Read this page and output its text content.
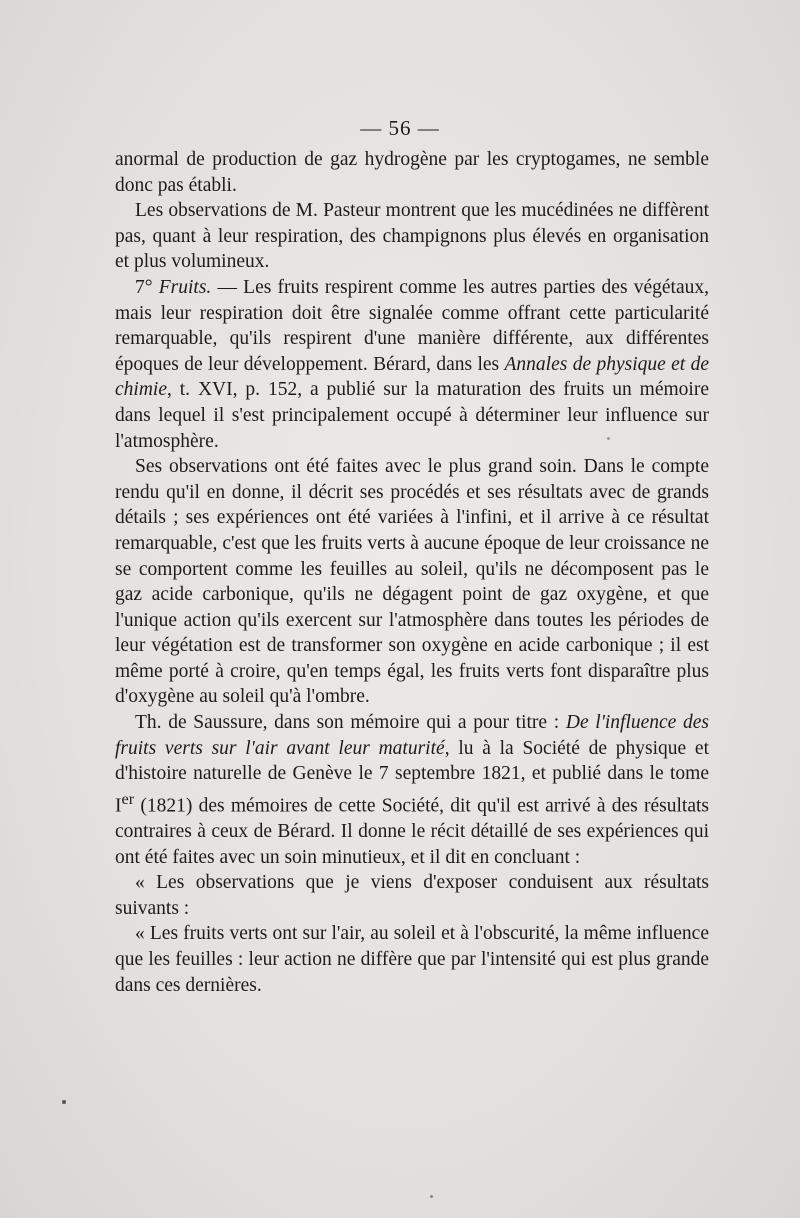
— 56 —

anormal de production de gaz hydrogène par les cryptogames, ne semble donc pas établi.

Les observations de M. Pasteur montrent que les mucédinées ne diffèrent pas, quant à leur respiration, des champignons plus élevés en organisation et plus volumineux.

7° Fruits. — Les fruits respirent comme les autres parties des végétaux, mais leur respiration doit être signalée comme offrant cette particularité remarquable, qu'ils respirent d'une manière différente, aux différentes époques de leur développement. Bérard, dans les Annales de physique et de chimie, t. XVI, p. 152, a publié sur la maturation des fruits un mémoire dans lequel il s'est principalement occupé à déterminer leur influence sur l'atmosphère.

Ses observations ont été faites avec le plus grand soin. Dans le compte rendu qu'il en donne, il décrit ses procédés et ses résultats avec de grands détails ; ses expériences ont été variées à l'infini, et il arrive à ce résultat remarquable, c'est que les fruits verts à aucune époque de leur croissance ne se comportent comme les feuilles au soleil, qu'ils ne décomposent pas le gaz acide carbonique, qu'ils ne dégagent point de gaz oxygène, et que l'unique action qu'ils exercent sur l'atmosphère dans toutes les périodes de leur végétation est de transformer son oxygène en acide carbonique ; il est même porté à croire, qu'en temps égal, les fruits verts font disparaître plus d'oxygène au soleil qu'à l'ombre.

Th. de Saussure, dans son mémoire qui a pour titre : De l'influence des fruits verts sur l'air avant leur maturité, lu à la Société de physique et d'histoire naturelle de Genève le 7 septembre 1821, et publié dans le tome Ier (1821) des mémoires de cette Société, dit qu'il est arrivé à des résultats contraires à ceux de Bérard. Il donne le récit détaillé de ses expériences qui ont été faites avec un soin minutieux, et il dit en concluant :

« Les observations que je viens d'exposer conduisent aux résultats suivants :

« Les fruits verts ont sur l'air, au soleil et à l'obscurité, la même influence que les feuilles : leur action ne diffère que par l'intensité qui est plus grande dans ces dernières.
